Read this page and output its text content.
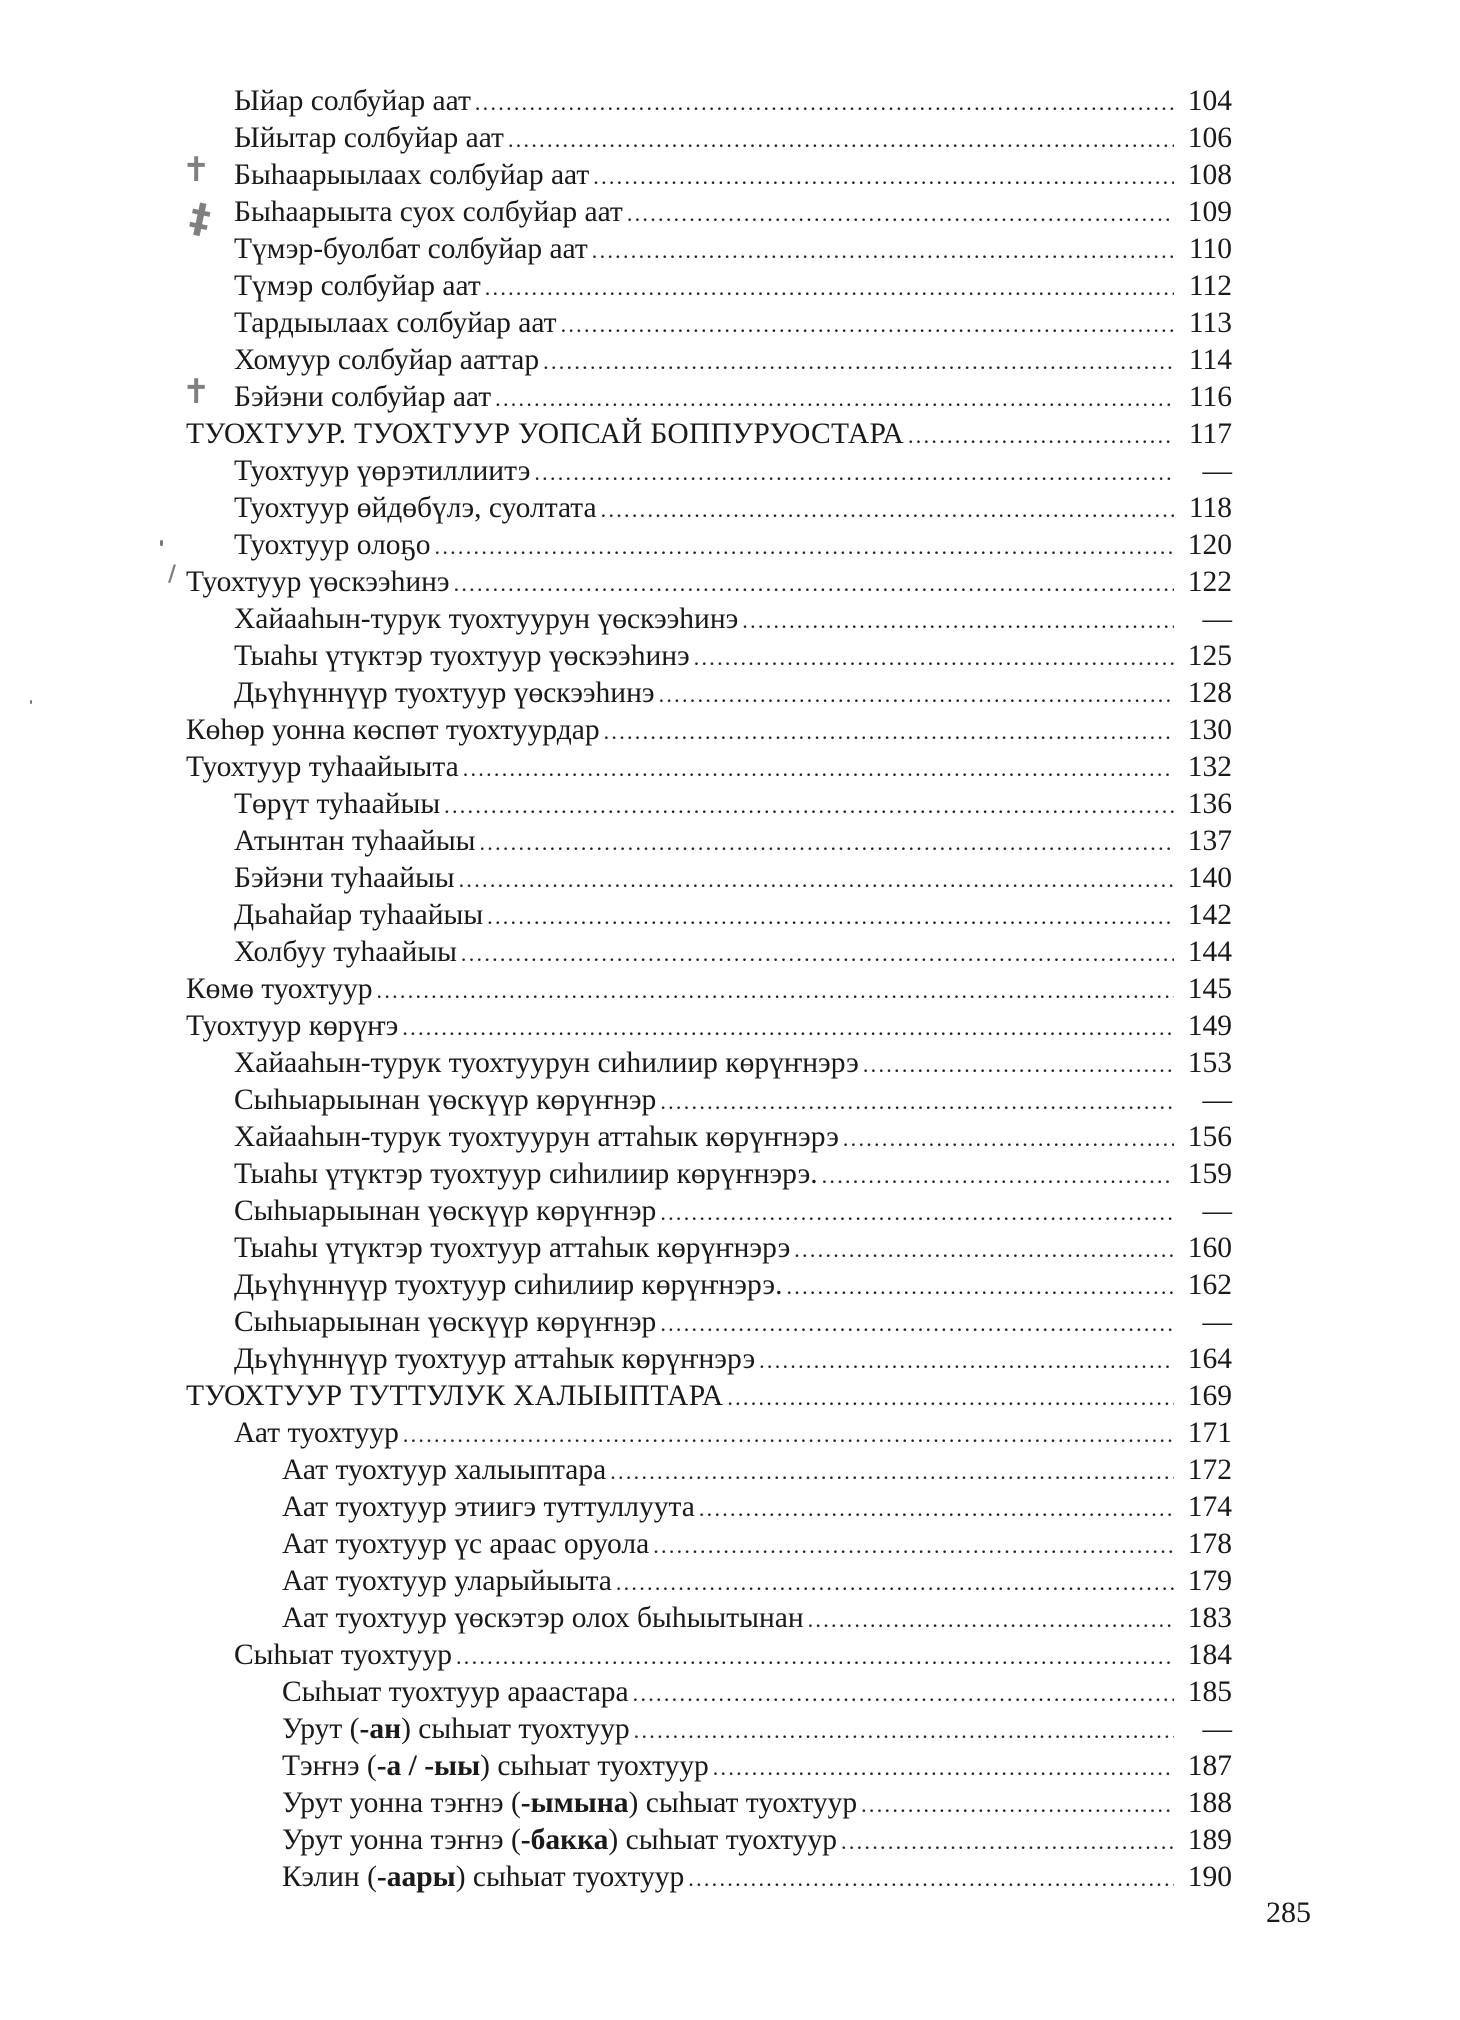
Ыйар солбуйар аат . . .	104
Ыйытар солбуйар аат . . .	106
Быhаарыылаах солбуйар аат . . .	108
Быhаарыыта суох солбуйар аат . . .	109
Түмэр-буолбат солбуйар аат . . .	110
Түмэр солбуйар аат . . .	112
Тардыылаах солбуйар аат . . .	113
Хомуур солбуйар ааттар . . .	114
Бэйэни солбуйар аат . . .	116
ТУОХТУУР. ТУОХТУУР УОПСАЙ БОППУРУОСТАРА . . .	117
Туохтуур үөрэтиллиитэ . . .	—
Туохтуур өйдөбүлэ, суолтата . . .	118
Туохтуур олоҕо . . .	120
Туохтуур үөскээhинэ . . .	122
Хайааhын-турук туохтуурун үөскээhинэ . . .	—
Тыаhы үтүктэр туохтуур үөскээhинэ . . .	125
Дьүhүннүүр туохтуур үөскээhинэ . . .	128
Көhөр уонна көспөт туохтуурдар . . .	130
Туохтуур туhаайыыта . . .	132
Төрүт туhаайыы . . .	136
Атынтан туhаайыы . . .	137
Бэйэни туhаайыы . . .	140
Дьаhайар туhаайыы . . .	142
Холбуу туhаайыы . . .	144
Көмө туохтуур . . .	145
Туохтуур көрүҥэ . . .	149
Хайааhын-турук туохтуурун сиhилиир көрүҥнэрэ . . .	153
Сыhыарыынан үөскүүр көрүҥнэр . . .	—
Хайааhын-турук туохтуурун аттаhык көрүҥнэрэ . . .	156
Тыаhы үтүктэр туохтуур сиhилиир көрүҥнэрэ. . . .	159
Сыhыарыынан үөскүүр көрүҥнэр . . .	—
Тыаhы үтүктэр туохтуур аттаhык көрүҥнэрэ . . .	160
Дьүhүннүүр туохтуур сиhилиир көрүҥнэрэ. . . .	162
Сыhыарыынан үөскүүр көрүҥнэр . . .	—
Дьүhүннүүр туохтуур аттаhык көрүҥнэрэ . . .	164
ТУОХТУУР ТУТТУЛУК ХАЛЫЫПТАРА . . .	169
Аат туохтуур . . .	171
Аат туохтуур халыыптара . . .	172
Аат туохтуур этиигэ туттуллуута . . .	174
Аат туохтуур үс араас оруола . . .	178
Аат туохтуур уларыйыыта . . .	179
Аат туохтуур үөскэтэр олох быhыытынан . . .	183
Сыhыат туохтуур . . .	184
Сыhыат туохтуур араастара . . .	185
Урут (-ан) сыhыат туохтуур . . .	—
Тэҥнэ (-а / -ыы) сыhыат туохтуур . . .	187
Урут уонна тэҥнэ (-ымына) сыhыат туохтуур . . .	188
Урут уонна тэҥнэ (-бакка) сыhыат туохтуур . . .	189
Кэлин (-аары) сыhыат туохтуур . . .	190
285
✝
‡
✝
/
